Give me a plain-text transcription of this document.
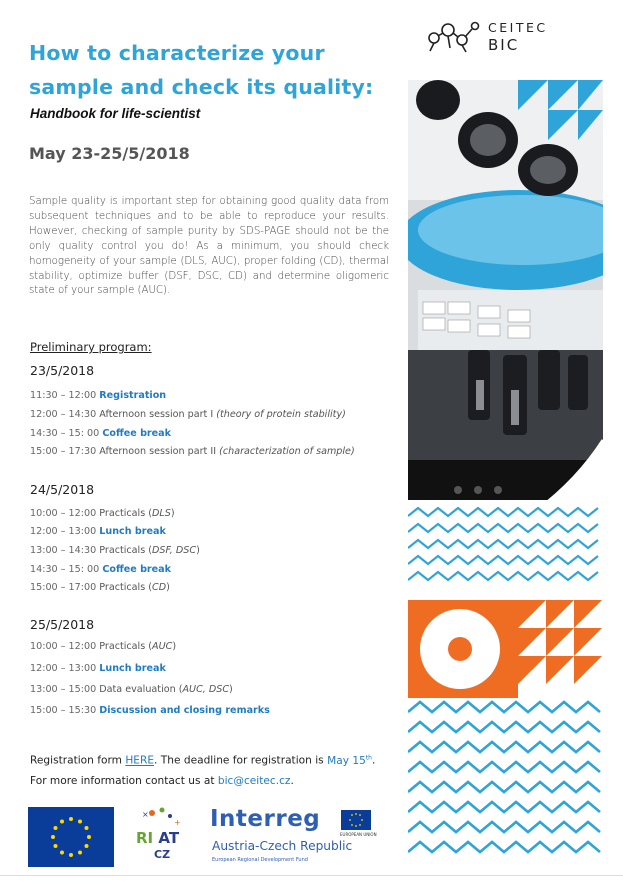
How to characterize your
sample and check its quality:
Handbook for life-scientist
May 23-25/5/2018
CEITEC
BIC

Sample quality is important step for obtaining good quality data from subsequent techniques and to be able to reproduce your results. However, checking of sample purity by SDS-PAGE should not be the only quality control you do! As a minimum, you should check homogeneity of your sample (DLS, AUC), proper folding (CD), thermal stability, optimize buffer (DSF, DSC, CD) and determine oligomeric state of your sample (AUC).

Preliminary program:
23/5/2018
11:30 – 12:00 Registration
12:00 – 14:30 Afternoon session part I (theory of protein stability)
14:30 – 15: 00 Coffee break
15:00 – 17:30 Afternoon session part II (characterization of sample)
24/5/2018
10:00 – 12:00 Practicals (DLS)
12:00 – 13:00 Lunch break
13:00 – 14:30 Practicals (DSF, DSC)
14:30 – 15: 00 Coffee break
15:00 – 17:00 Practicals (CD)
25/5/2018
10:00 – 12:00 Practicals (AUC)
12:00 – 13:00 Lunch break
13:00 – 15:00 Data evaluation (AUC, DSC)
15:00 – 15:30 Discussion and closing remarks
Registration form HERE. The deadline for registration is May 15th.
For more information contact us at bic@ceitec.cz.
×
+
RI AT
CZ
Interreg
Austria-Czech Republic
European Regional Development Fund
EUROPEAN UNION
